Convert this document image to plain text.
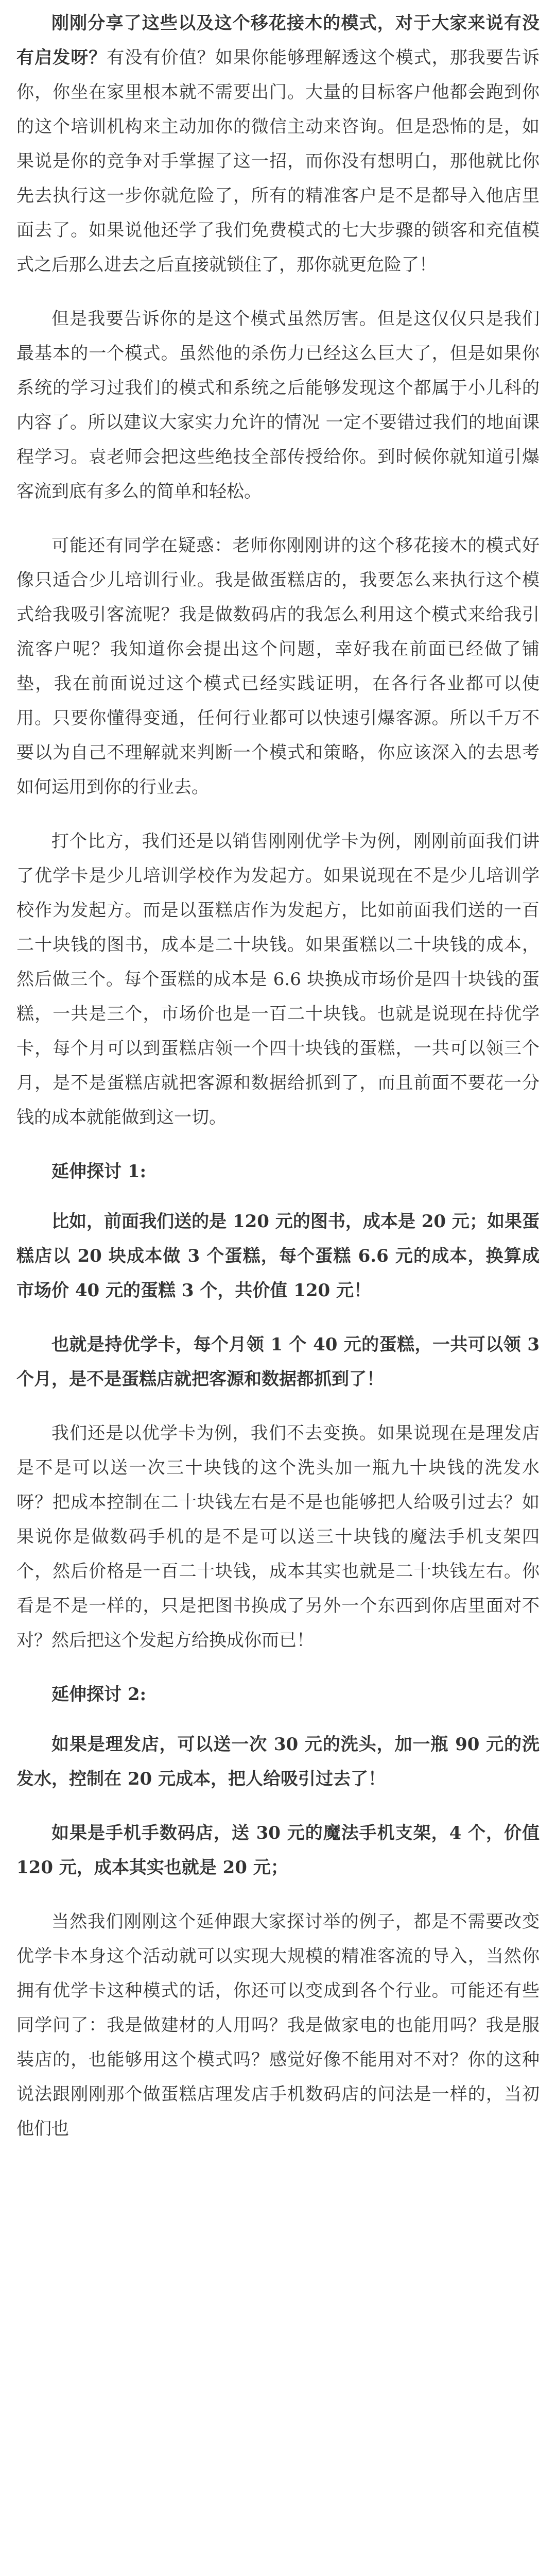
刚刚分享了这些以及这个移花接木的模式，对于大家来说有没有启发呀？有没有价值？如果你能够理解透这个模式，那我要告诉你，你坐在家里根本就不需要出门。大量的目标客户他都会跑到你的这个培训机构来主动加你的微信主动来咨询。但是恐怖的是，如果说是你的竞争对手掌握了这一招，而你没有想明白，那他就比你先去执行这一步你就危险了，所有的精准客户是不是都导入他店里面去了。如果说他还学了我们免费模式的七大步骤的锁客和充值模式之后那么进去之后直接就锁住了，那你就更危险了！

但是我要告诉你的是这个模式虽然厉害。但是这仅仅只是我们最基本的一个模式。虽然他的杀伤力已经这么巨大了，但是如果你系统的学习过我们的模式和系统之后能够发现这个都属于小儿科的内容了。所以建议大家实力允许的情况 一定不要错过我们的地面课程学习。袁老师会把这些绝技全部传授给你。到时候你就知道引爆客流到底有多么的简单和轻松。

可能还有同学在疑惑：老师你刚刚讲的这个移花接木的模式好像只适合少儿培训行业。我是做蛋糕店的，我要怎么来执行这个模式给我吸引客流呢？我是做数码店的我怎么利用这个模式来给我引流客户呢？我知道你会提出这个问题，幸好我在前面已经做了铺垫，我在前面说过这个模式已经实践证明，在各行各业都可以使用。只要你懂得变通，任何行业都可以快速引爆客源。所以千万不要以为自己不理解就来判断一个模式和策略，你应该深入的去思考如何运用到你的行业去。

打个比方，我们还是以销售刚刚优学卡为例，刚刚前面我们讲了优学卡是少儿培训学校作为发起方。如果说现在不是少儿培训学校作为发起方。而是以蛋糕店作为发起方，比如前面我们送的一百二十块钱的图书，成本是二十块钱。如果蛋糕以二十块钱的成本，然后做三个。每个蛋糕的成本是 6.6 块换成市场价是四十块钱的蛋糕，一共是三个，市场价也是一百二十块钱。也就是说现在持优学卡，每个月可以到蛋糕店领一个四十块钱的蛋糕，一共可以领三个月，是不是蛋糕店就把客源和数据给抓到了，而且前面不要花一分钱的成本就能做到这一切。

延伸探讨 1:

比如，前面我们送的是 120 元的图书，成本是 20 元；如果蛋糕店以 20 块成本做 3 个蛋糕，每个蛋糕 6.6 元的成本，换算成市场价 40 元的蛋糕 3 个，共价值 120 元！

也就是持优学卡，每个月领 1 个 40 元的蛋糕，一共可以领 3 个月，是不是蛋糕店就把客源和数据都抓到了！

我们还是以优学卡为例，我们不去变换。如果说现在是理发店是不是可以送一次三十块钱的这个洗头加一瓶九十块钱的洗发水呀？把成本控制在二十块钱左右是不是也能够把人给吸引过去？如果说你是做数码手机的是不是可以送三十块钱的魔法手机支架四个，然后价格是一百二十块钱，成本其实也就是二十块钱左右。你看是不是一样的，只是把图书换成了另外一个东西到你店里面对不对？然后把这个发起方给换成你而已！

延伸探讨 2:

如果是理发店，可以送一次 30 元的洗头，加一瓶 90 元的洗发水，控制在 20 元成本，把人给吸引过去了！

如果是手机手数码店，送 30 元的魔法手机支架，4 个，价值 120 元，成本其实也就是 20 元；

当然我们刚刚这个延伸跟大家探讨举的例子，都是不需要改变优学卡本身这个活动就可以实现大规模的精准客流的导入，当然你拥有优学卡这种模式的话，你还可以变成到各个行业。可能还有些同学问了：我是做建材的人用吗？我是做家电的也能用吗？我是服装店的，也能够用这个模式吗？感觉好像不能用对不对？你的这种说法跟刚刚那个做蛋糕店理发店手机数码店的问法是一样的，当初他们也
